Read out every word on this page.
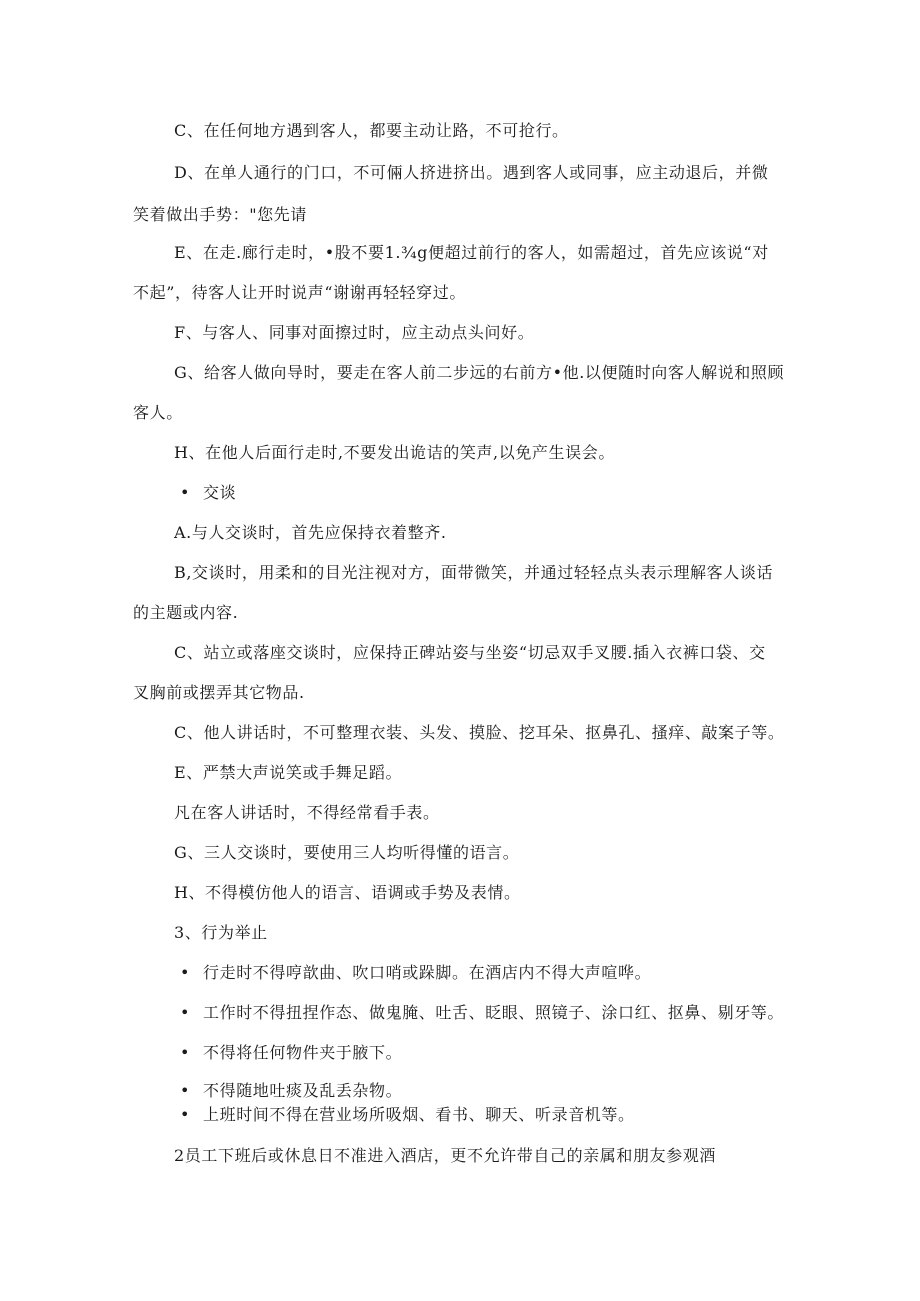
C、在任何地方遇到客人，都要主动让路，不可抢行。
D、在单人通行的门口，不可倆人挤进挤出。遇到客人或同事，应主动退后，并微
笑着做出手势："您先请
E、在走.廊行走时，•股不要1.¾g便超过前行的客人，如需超过，首先应该说“对
不起”，待客人让开时说声“谢谢再轻轻穿过。
F、与客人、同事对面擦过时，应主动点头问好。
G、给客人做向导时，要走在客人前二步远的右前方•他.以便随时向客人解说和照顾
客人。
H、在他人后面行走时,不要发出诡诘的笑声,以免产生误会。
• 交谈
A.与人交谈时，首先应保持衣着整齐.
B,交谈时，用柔和的目光注视对方，面带微笑，并通过轻轻点头表示理解客人谈话
的主题或内容.
C、站立或落座交谈时，应保持正碑站姿与坐姿“切忌双手叉腰.插入衣裤口袋、交
叉胸前或摆弄其它物品.
C、他人讲话时，不可整理衣装、头发、摸脸、挖耳朵、抠鼻孔、搔痒、敲案子等。
E、严禁大声说笑或手舞足蹈。
凡在客人讲话时，不得经常看手表。
G、三人交谈时，要使用三人均听得懂的语言。
H、不得模仿他人的语言、语调或手势及表情。
3、行为举止
• 行走时不得哼歆曲、吹口哨或跺脚。在酒店内不得大声喧哗。
• 工作时不得扭捏作态、做鬼腌、吐舌、眨眼、照镜子、涂口红、抠鼻、剔牙等。
• 不得将任何物件夹于腋下。
• 不得随地吐痰及乱丢杂物。
• 上班时间不得在营业场所吸烟、看书、聊天、听录音机等。
2员工下班后或休息日不准进入酒店，更不允许带自己的亲属和朋友参观酒
